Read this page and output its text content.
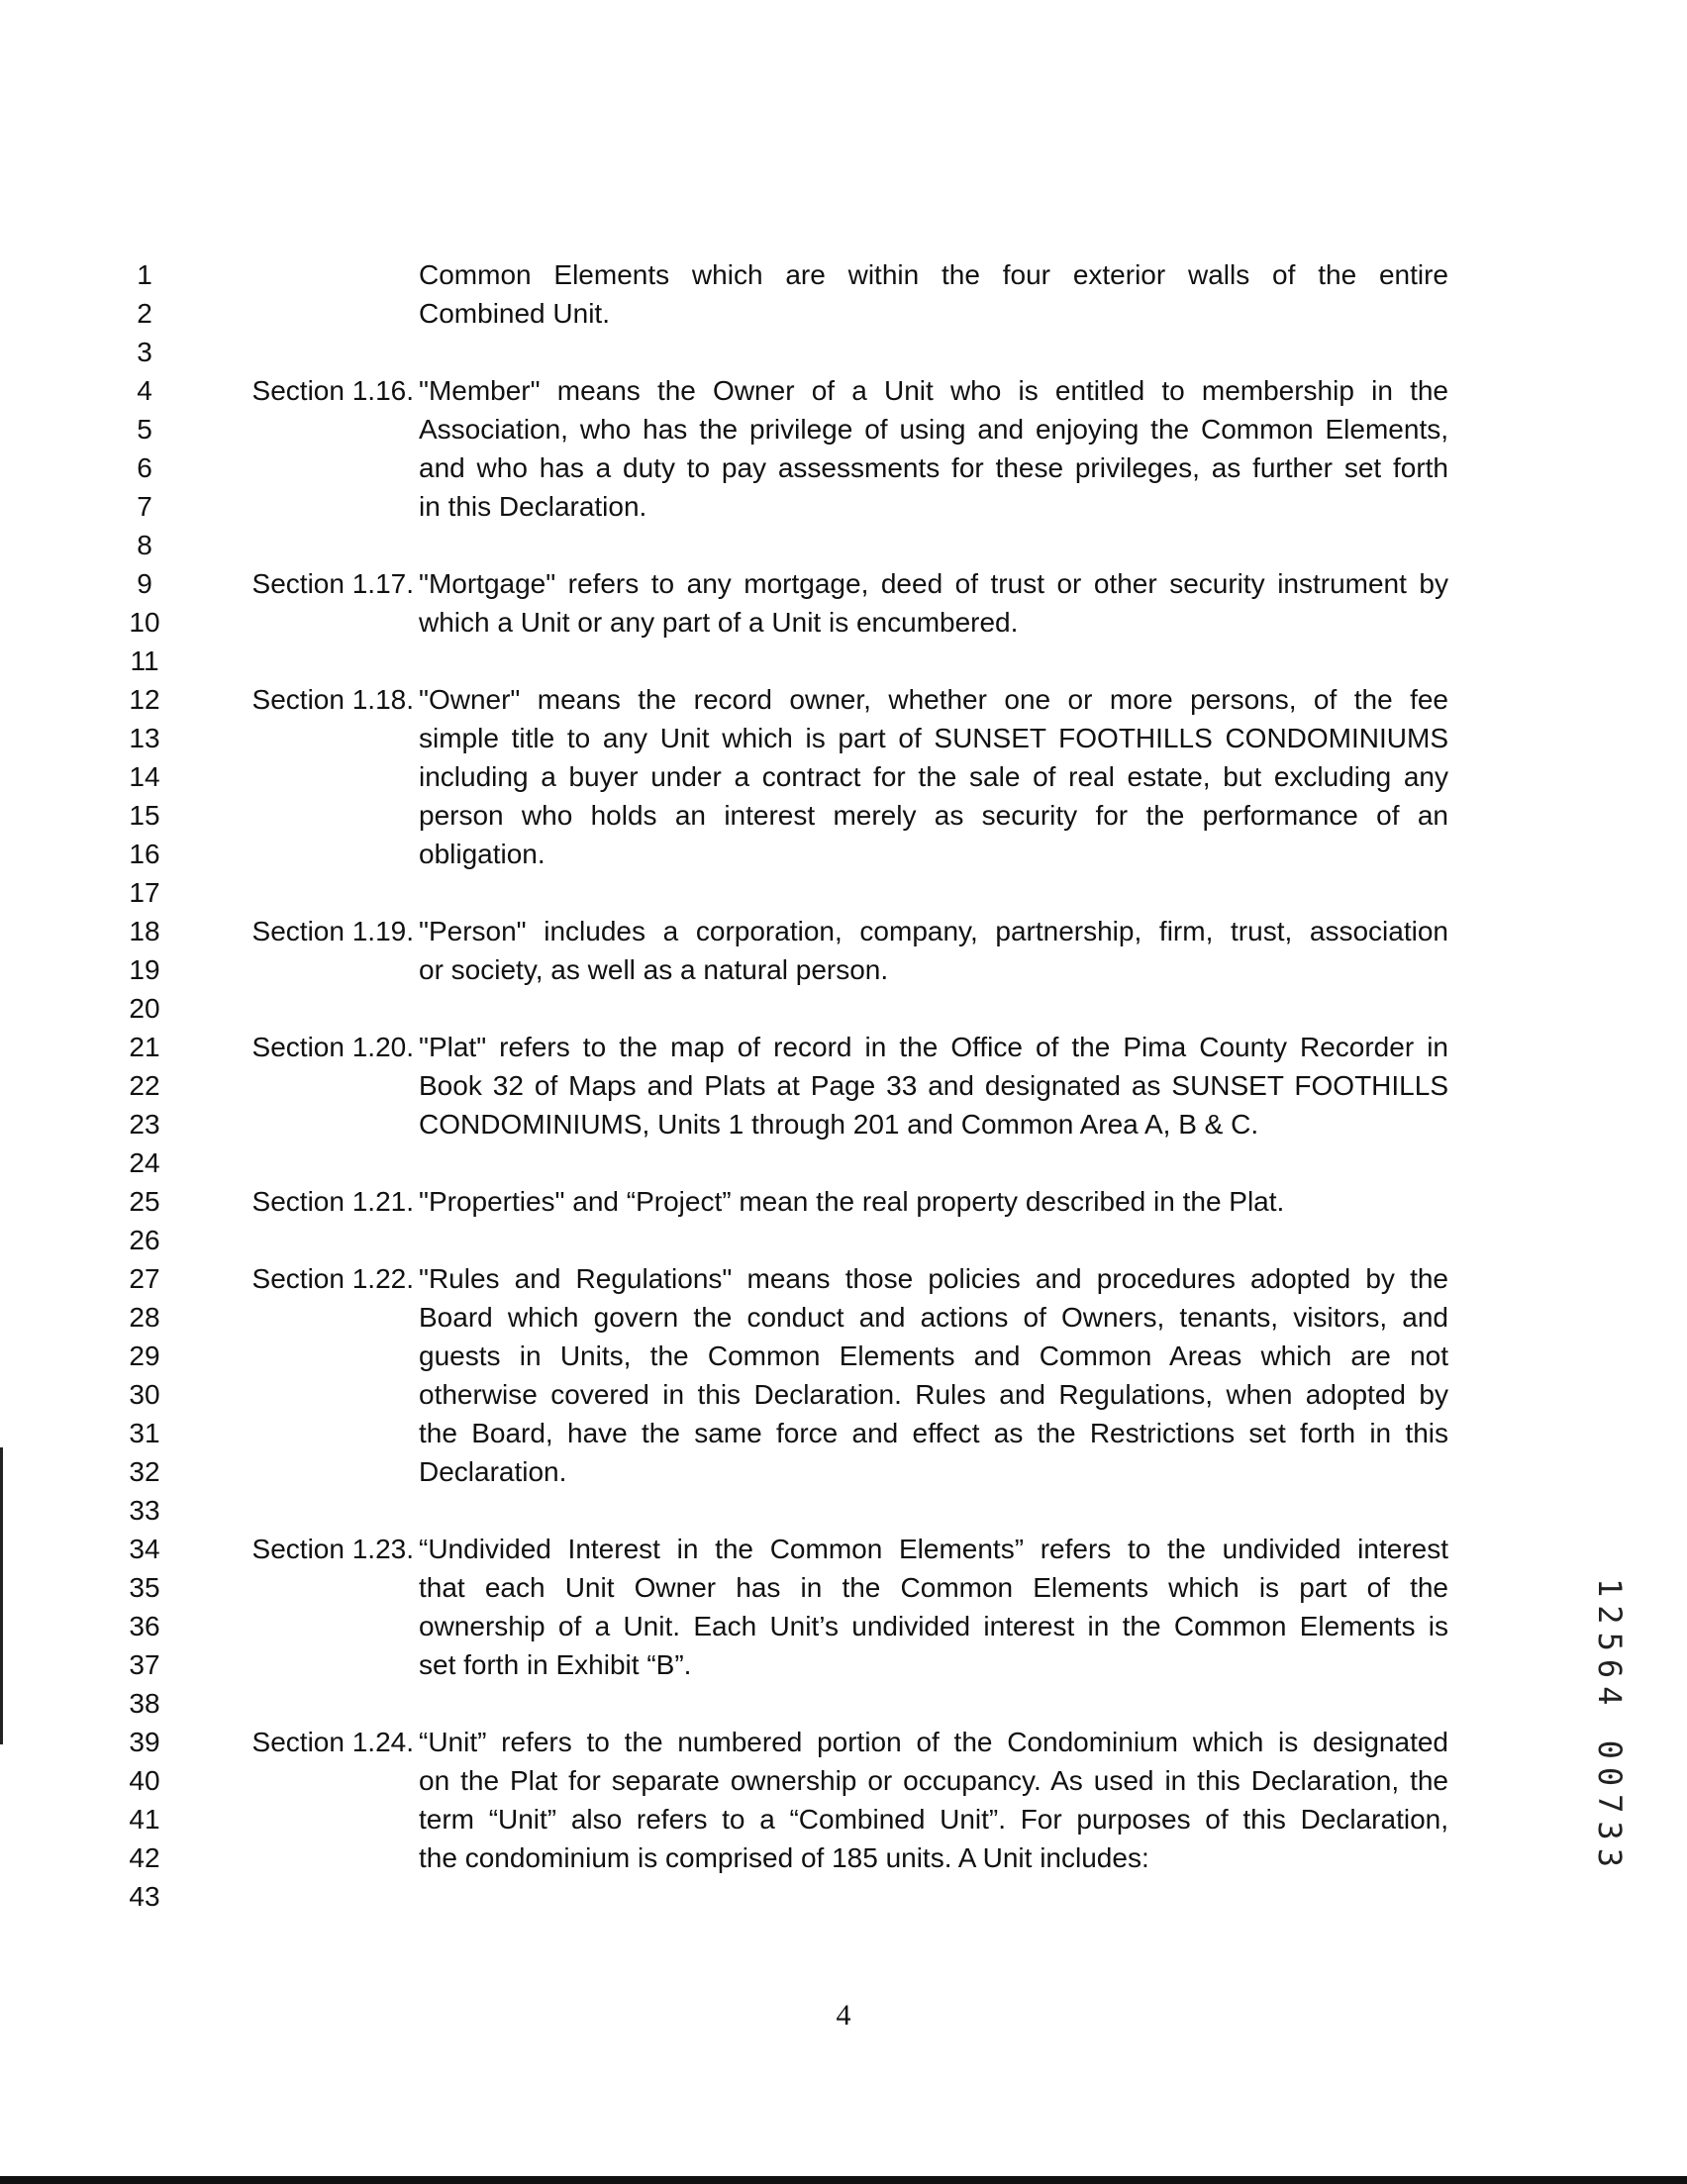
1
2
3
4
5
6
7
8
9
10
11
12
13
14
15
16
17
18
19
20
21
22
23
24
25
26
27
28
29
30
31
32
33
34
35
36
37
38
39
40
41
42
43
Common Elements which are within the four exterior walls of the entire
Combined Unit.
Section 1.16. "Member" means the Owner of a Unit who is entitled to membership in the
Association, who has the privilege of using and enjoying the Common Elements,
and who has a duty to pay assessments for these privileges, as further set forth
in this Declaration.
Section 1.17. "Mortgage" refers to any mortgage, deed of trust or other security instrument by
which a Unit or any part of a Unit is encumbered.
Section 1.18. "Owner" means the record owner, whether one or more persons, of the fee
simple title to any Unit which is part of SUNSET FOOTHILLS CONDOMINIUMS
including a buyer under a contract for the sale of real estate, but excluding any
person who holds an interest merely as security for the performance of an
obligation.
Section 1.19. "Person" includes a corporation, company, partnership, firm, trust, association
or society, as well as a natural person.
Section 1.20. "Plat" refers to the map of record in the Office of the Pima County Recorder in
Book 32 of Maps and Plats at Page 33 and designated as SUNSET FOOTHILLS
CONDOMINIUMS, Units 1 through 201 and Common Area A, B & C.
Section 1.21. "Properties" and “Project” mean the real property described in the Plat.
Section 1.22. "Rules and Regulations" means those policies and procedures adopted by the
Board which govern the conduct and actions of Owners, tenants, visitors, and
guests in Units, the Common Elements and Common Areas which are not
otherwise covered in this Declaration. Rules and Regulations, when adopted by
the Board, have the same force and effect as the Restrictions set forth in this
Declaration.
Section 1.23. “Undivided Interest in the Common Elements” refers to the undivided interest
that each Unit Owner has in the Common Elements which is part of the
ownership of a Unit. Each Unit’s undivided interest in the Common Elements is
set forth in Exhibit “B”.
Section 1.24. “Unit” refers to the numbered portion of the Condominium which is designated
on the Plat for separate ownership or occupancy. As used in this Declaration, the
term “Unit” also refers to a “Combined Unit”. For purposes of this Declaration,
the condominium is comprised of 185 units. A Unit includes:
4
12564 00733
